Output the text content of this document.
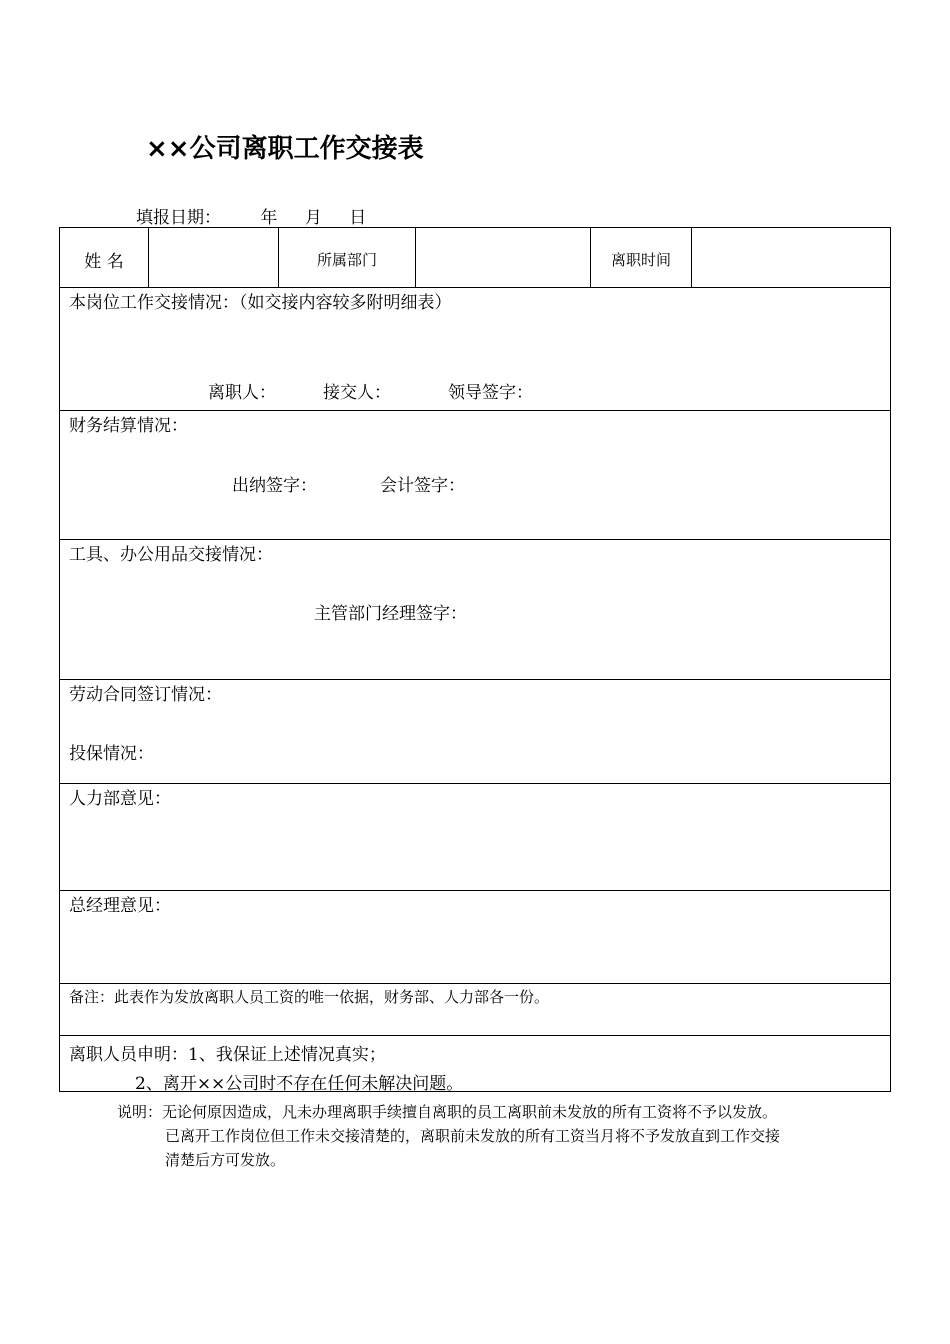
××公司离职工作交接表
填报日期： 年 月 日
姓 名	所属部门	离职时间
本岗位工作交接情况：（如交接内容较多附明细表）
离职人：	接交人：	领导签字：
财务结算情况：
出纳签字：	会计签字：
工具、办公用品交接情况：
主管部门经理签字：
劳动合同签订情况：
投保情况：
人力部意见：
总经理意见：
备注：此表作为发放离职人员工资的唯一依据，财务部、人力部各一份。
离职人员申明：1、我保证上述情况真实；
2、离开××公司时不存在任何未解决问题。
说明：无论何原因造成，凡未办理离职手续擅自离职的员工离职前未发放的所有工资将不予以发放。
已离开工作岗位但工作未交接清楚的，离职前未发放的所有工资当月将不予发放直到工作交接
清楚后方可发放。
